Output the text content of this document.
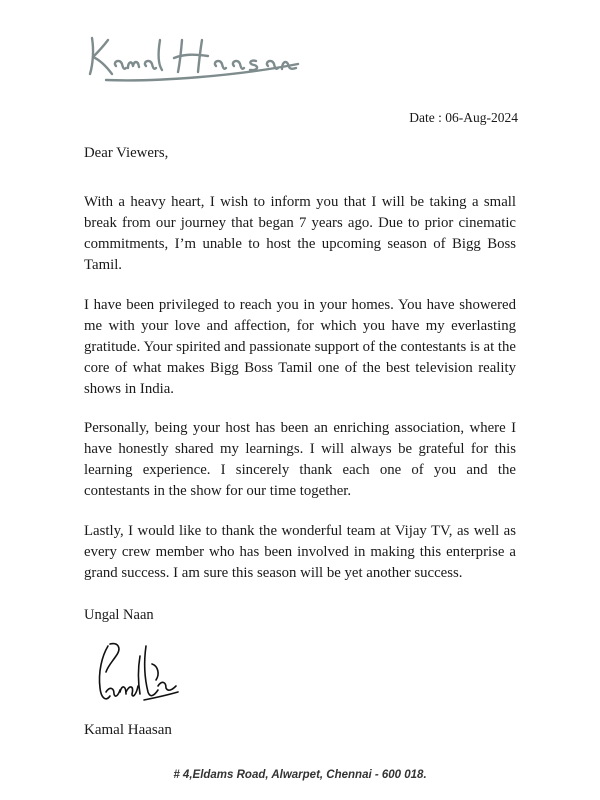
Date : 06-Aug-2024
Dear Viewers,

With a heavy heart, I wish to inform you that I will be taking a small break from our journey that began 7 years ago. Due to prior cinematic commitments, I’m unable to host the upcoming season of Bigg Boss Tamil.

I have been privileged to reach you in your homes. You have showered me with your love and affection, for which you have my everlasting gratitude. Your spirited and passionate support of the contestants is at the core of what makes Bigg Boss Tamil one of the best television reality shows in India.

Personally, being your host has been an enriching association, where I have honestly shared my learnings. I will always be grateful for this learning experience. I sincerely thank each one of you and the contestants in the show for our time together.

Lastly, I would like to thank the wonderful team at Vijay TV, as well as every crew member who has been involved in making this enterprise a grand success. I am sure this season will be yet another success.

Ungal Naan
Kamal Haasan
# 4,Eldams Road, Alwarpet, Chennai - 600 018.
